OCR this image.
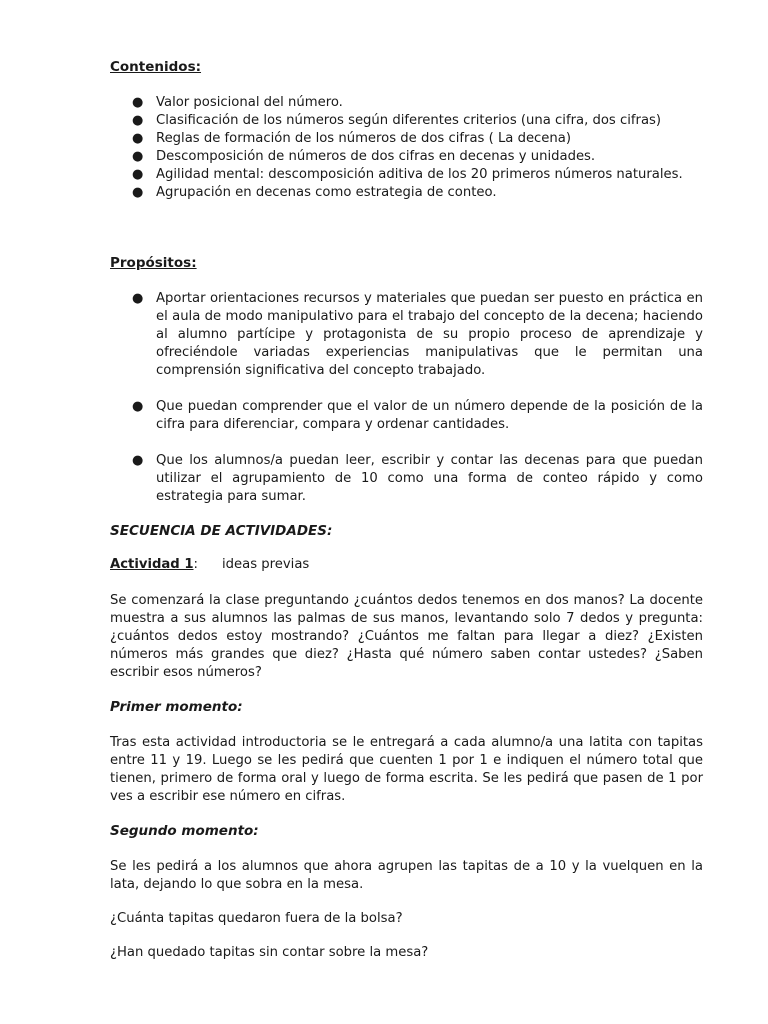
Contenidos:
● Valor posicional del número.
● Clasificación de los números según diferentes criterios (una cifra, dos cifras)
● Reglas de formación de los números de dos cifras ( La decena)
● Descomposición de números de dos cifras en decenas y unidades.
● Agilidad mental: descomposición aditiva de los 20 primeros números naturales.
● Agrupación en decenas como estrategia de conteo.
Propósitos:
● Aportar orientaciones recursos y materiales que puedan ser puesto en práctica en el aula de modo manipulativo para el trabajo del concepto de la decena; haciendo al alumno partícipe y protagonista de su propio proceso de aprendizaje y ofreciéndole variadas experiencias manipulativas que le permitan una comprensión significativa del concepto trabajado.
● Que puedan comprender que el valor de un número depende de la posición de la cifra para diferenciar, compara y ordenar cantidades.
● Que los alumnos/a puedan leer, escribir y contar las decenas para que puedan utilizar el agrupamiento de 10 como una forma de conteo rápido y como estrategia para sumar.
SECUENCIA DE ACTIVIDADES:

Actividad 1: ideas previas

Se comenzará la clase preguntando ¿cuántos dedos tenemos en dos manos? La docente muestra a sus alumnos las palmas de sus manos, levantando solo 7 dedos y pregunta: ¿cuántos dedos estoy mostrando? ¿Cuántos me faltan para llegar a diez? ¿Existen números más grandes que diez? ¿Hasta qué número saben contar ustedes? ¿Saben escribir esos números?

Primer momento:

Tras esta actividad introductoria se le entregará a cada alumno/a una latita con tapitas entre 11 y 19. Luego se les pedirá que cuenten 1 por 1 e indiquen el número total que tienen, primero de forma oral y luego de forma escrita. Se les pedirá que pasen de 1 por ves a escribir ese número en cifras.

Segundo momento:

Se les pedirá a los alumnos que ahora agrupen las tapitas de a 10 y la vuelquen en la lata, dejando lo que sobra en la mesa.

¿Cuánta tapitas quedaron fuera de la bolsa?

¿Han quedado tapitas sin contar sobre la mesa?
